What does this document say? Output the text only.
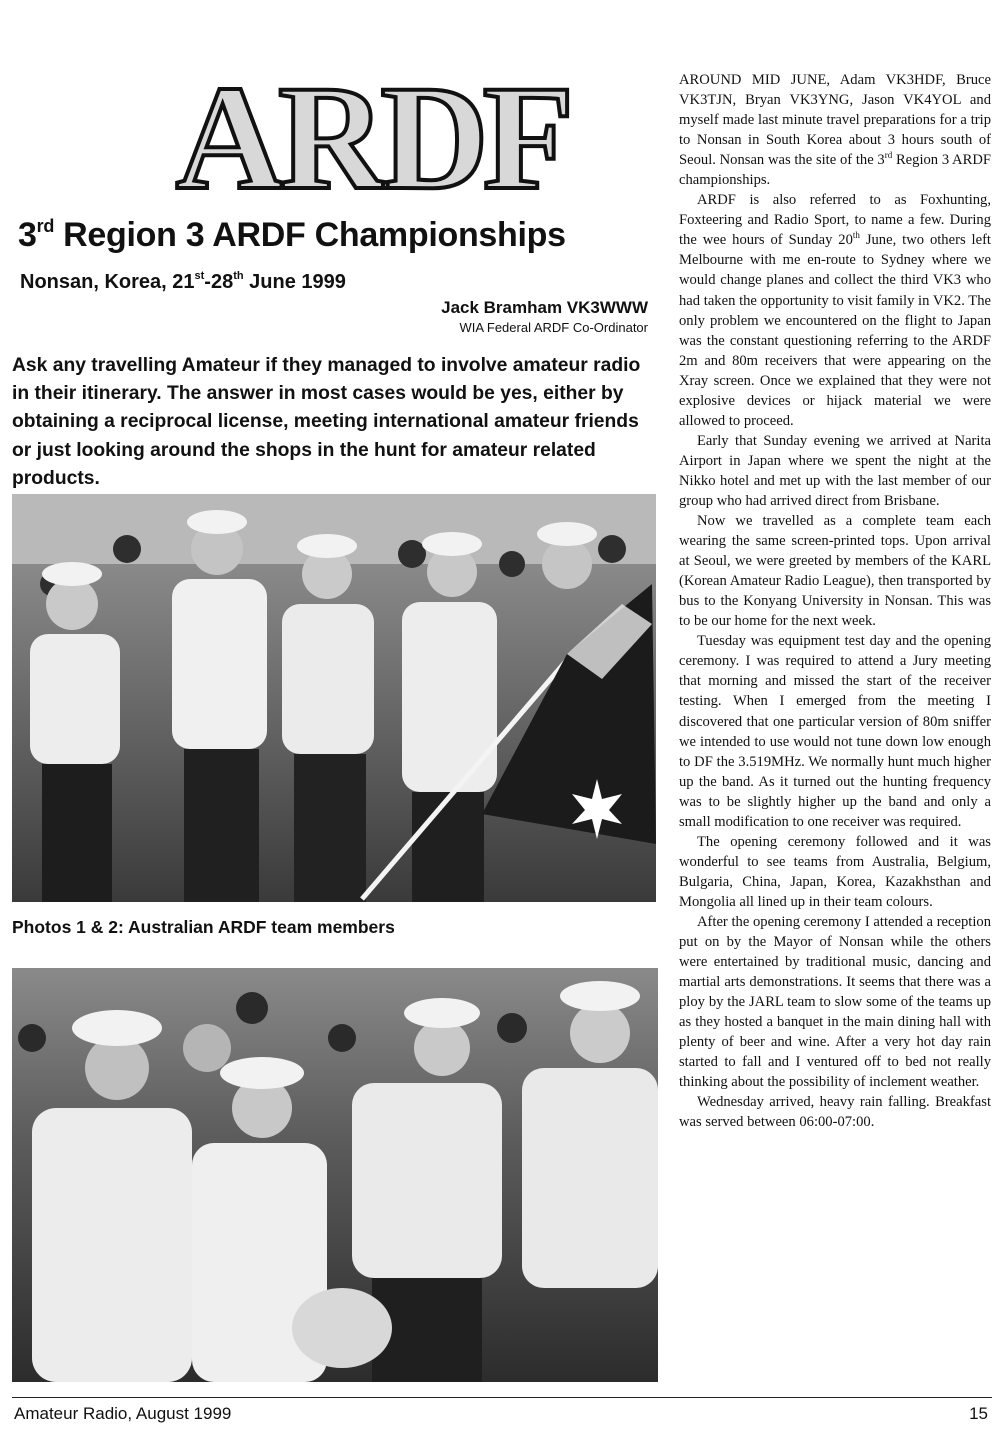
ARDF
3rd Region 3 ARDF Championships
Nonsan, Korea, 21st-28th June 1999
Jack Bramham VK3WWW
WIA Federal ARDF Co-Ordinator

Ask any travelling Amateur if they managed to involve amateur radio in their itinerary. The answer in most cases would be yes, either by obtaining a reciprocal license, meeting international amateur friends or just looking around the shops in the hunt for amateur related products.

Photos 1 & 2: Australian ARDF team members

AROUND MID JUNE, Adam VK3HDF, Bruce VK3TJN, Bryan VK3YNG, Jason VK4YOL and myself made last minute travel preparations for a trip to Nonsan in South Korea about 3 hours south of Seoul. Nonsan was the site of the 3rd Region 3 ARDF championships.

ARDF is also referred to as Foxhunting, Foxteering and Radio Sport, to name a few. During the wee hours of Sunday 20th June, two others left Melbourne with me en-route to Sydney where we would change planes and collect the third VK3 who had taken the opportunity to visit family in VK2. The only problem we encountered on the flight to Japan was the constant questioning referring to the ARDF 2m and 80m receivers that were appearing on the Xray screen. Once we explained that they were not explosive devices or hijack material we were allowed to proceed.

Early that Sunday evening we arrived at Narita Airport in Japan where we spent the night at the Nikko hotel and met up with the last member of our group who had arrived direct from Brisbane.

Now we travelled as a complete team each wearing the same screen-printed tops. Upon arrival at Seoul, we were greeted by members of the KARL (Korean Amateur Radio League), then transported by bus to the Konyang University in Nonsan. This was to be our home for the next week.

Tuesday was equipment test day and the opening ceremony. I was required to attend a Jury meeting that morning and missed the start of the receiver testing. When I emerged from the meeting I discovered that one particular version of 80m sniffer we intended to use would not tune down low enough to DF the 3.519MHz. We normally hunt much higher up the band. As it turned out the hunting frequency was to be slightly higher up the band and only a small modification to one receiver was required.

The opening ceremony followed and it was wonderful to see teams from Australia, Belgium, Bulgaria, China, Japan, Korea, Kazakhsthan and Mongolia all lined up in their team colours.

After the opening ceremony I attended a reception put on by the Mayor of Nonsan while the others were entertained by traditional music, dancing and martial arts demonstrations. It seems that there was a ploy by the JARL team to slow some of the teams up as they hosted a banquet in the main dining hall with plenty of beer and wine. After a very hot day rain started to fall and I ventured off to bed not really thinking about the possibility of inclement weather.

Wednesday arrived, heavy rain falling. Breakfast was served between 06:00-07:00.

Amateur Radio, August 1999	15
